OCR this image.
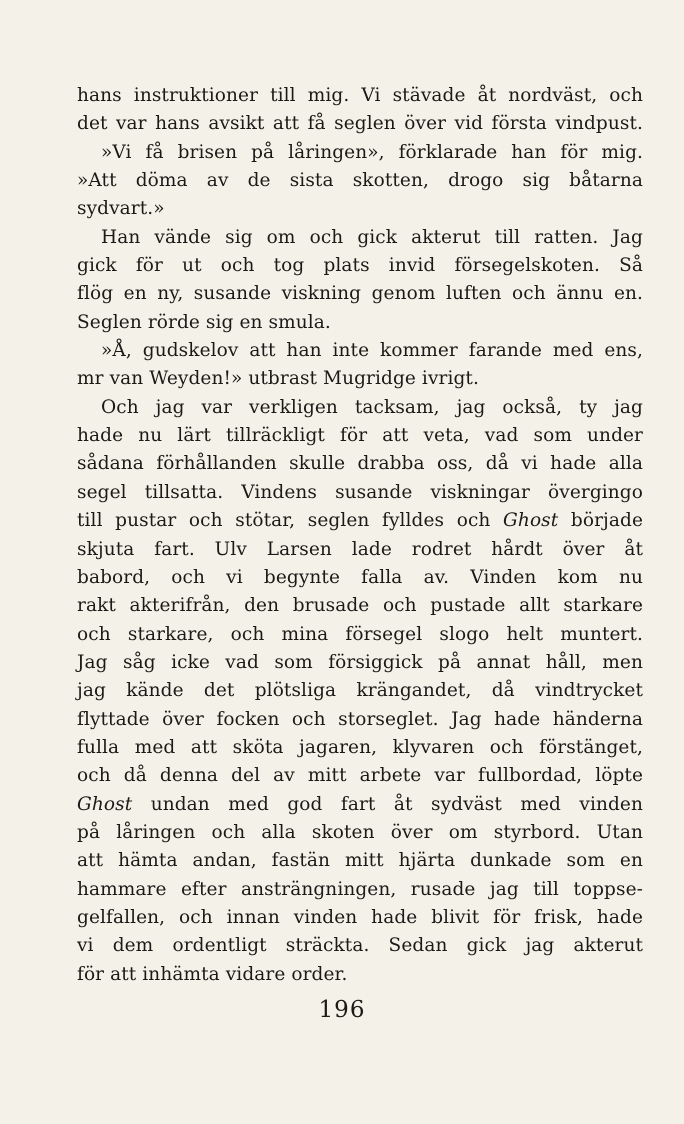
hans instruktioner till mig. Vi stävade åt nordväst, och
det var hans avsikt att få seglen över vid första vindpust.
»Vi få brisen på låringen», förklarade han för mig.
»Att döma av de sista skotten, drogo sig båtarna
sydvart.»
Han vände sig om och gick akterut till ratten. Jag
gick för ut och tog plats invid försegelskoten. Så
flög en ny, susande viskning genom luften och ännu en.
Seglen rörde sig en smula.
»Å, gudskelov att han inte kommer farande med ens,
mr van Weyden!» utbrast Mugridge ivrigt.
Och jag var verkligen tacksam, jag också, ty jag
hade nu lärt tillräckligt för att veta, vad som under
sådana förhållanden skulle drabba oss, då vi hade alla
segel tillsatta. Vindens susande viskningar övergingo
till pustar och stötar, seglen fylldes och Ghost började
skjuta fart. Ulv Larsen lade rodret hårdt över åt
babord, och vi begynte falla av. Vinden kom nu
rakt akterifrån, den brusade och pustade allt starkare
och starkare, och mina försegel slogo helt muntert.
Jag såg icke vad som försiggick på annat håll, men
jag kände det plötsliga krängandet, då vindtrycket
flyttade över focken och storseglet. Jag hade händerna
fulla med att sköta jagaren, klyvaren och förstänget,
och då denna del av mitt arbete var fullbordad, löpte
Ghost undan med god fart åt sydväst med vinden
på låringen och alla skoten över om styrbord. Utan
att hämta andan, fastän mitt hjärta dunkade som en
hammare efter ansträngningen, rusade jag till toppse-
gelfallen, och innan vinden hade blivit för frisk, hade
vi dem ordentligt sträckta. Sedan gick jag akterut
för att inhämta vidare order.
196
